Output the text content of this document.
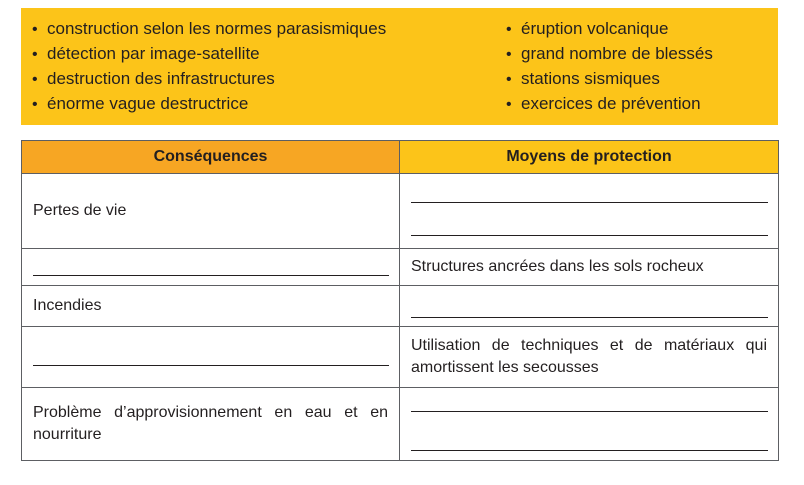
• construction selon les normes parasismiques
• détection par image-satellite
• destruction des infrastructures
• énorme vague destructrice
• éruption volcanique
• grand nombre de blessés
• stations sismiques
• exercices de prévention
Conséquences	Moyens de protection

Pertes de vie	

	Structures ancrées dans les sols rocheux

Incendies	

	Utilisation de techniques et de matériaux qui amortissent les secousses

Problème d’approvisionnement en eau et en nourriture	
